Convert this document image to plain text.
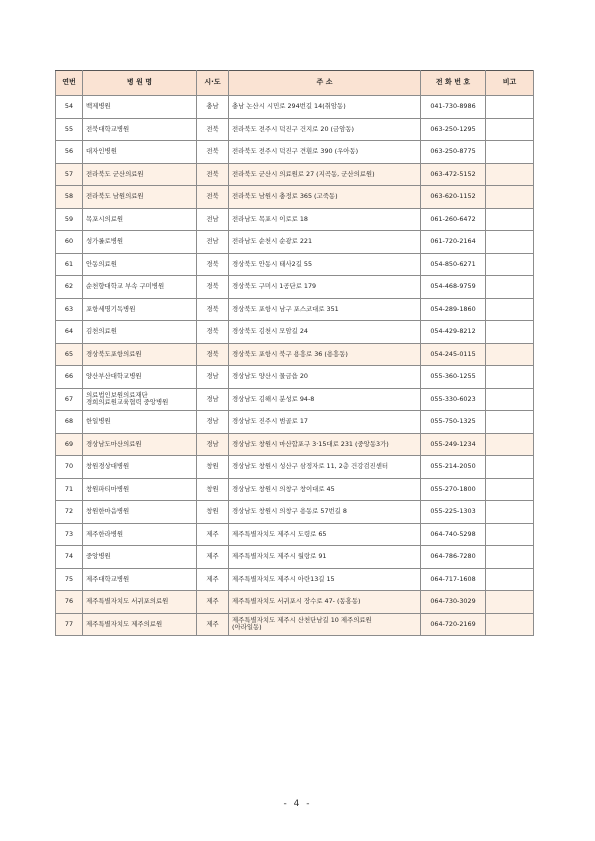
연번	병 원 명	시·도	주 소	전 화 번 호	비고
54	백제병원	충남	충남 논산시 시민로 294번길 14(취암동)	041-730-8986	
55	전북대학교병원	전북	전라북도 전주시 덕진구 건지로 20 (금암동)	063-250-1295	
56	대자인병원	전북	전라북도 전주시 덕진구 견훤로 390 (우아동)	063-250-8775	
57	전라북도 군산의료원	전북	전라북도 군산시 의료원로 27 (지곡동, 군산의료원)	063-472-5152	
58	전라북도 남원의료원	전북	전라북도 남원시 충정로 365 (고죽동)	063-620-1152	
59	목포시의료원	전남	전라남도 목포시 이로로 18	061-260-6472	
60	성가롤로병원	전남	전라남도 순천시 순광로 221	061-720-2164	
61	안동의료원	경북	경상북도 안동시 태사2길 55	054-850-6271	
62	순천향대학교 부속 구미병원	경북	경상북도 구미시 1공단로 179	054-468-9759	
63	포항세명기독병원	경북	경상북도 포항시 남구 포스코대로 351	054-289-1860	
64	김천의료원	경북	경상북도 김천시 모암길 24	054-429-8212	
65	경상북도포항의료원	경북	경상북도 포항시 북구 용흥로 36 (용흥동)	054-245-0115	
66	양산부산대학교병원	경남	경상남도 양산시 물금읍 20	055-360-1255	
67	의료법인보원의료재단
경희의료원교육협력 중앙병원	경남	경상남도 김해시 분성로 94-8	055-330-6023	
68	한일병원	경남	경상남도 진주시 범골로 17	055-750-1325	
69	경상남도마산의료원	경남	경상남도 창원시 마산합포구 3·15대로 231 (중앙동3가)	055-249-1234	
70	창원경상대병원	창원	경상남도 창원시 성산구 삼정자로 11, 2층 건강검진센터	055-214-2050	
71	창원파티마병원	창원	경상남도 창원시 의창구 창이대로 45	055-270-1800	
72	창원한마음병원	창원	경상남도 창원시 의창구 용동로 57번길 8	055-225-1303	
73	제주한라병원	제주	제주특별자치도 제주시 도령로 65	064-740-5298	
74	중앙병원	제주	제주특별자치도 제주시 월랑로 91	064-786-7280	
75	제주대학교병원	제주	제주특별자치도 제주시 아란13길 15	064-717-1608	
76	제주특별자치도 서귀포의료원	제주	제주특별자치도 서귀포시 장수로 47- (동홍동)	064-730-3029	
77	제주특별자치도 제주의료원	제주	제주특별자치도 제주시 산천단남길 10 제주의료원
(아라일동)	064-720-2169	
- 4 -
